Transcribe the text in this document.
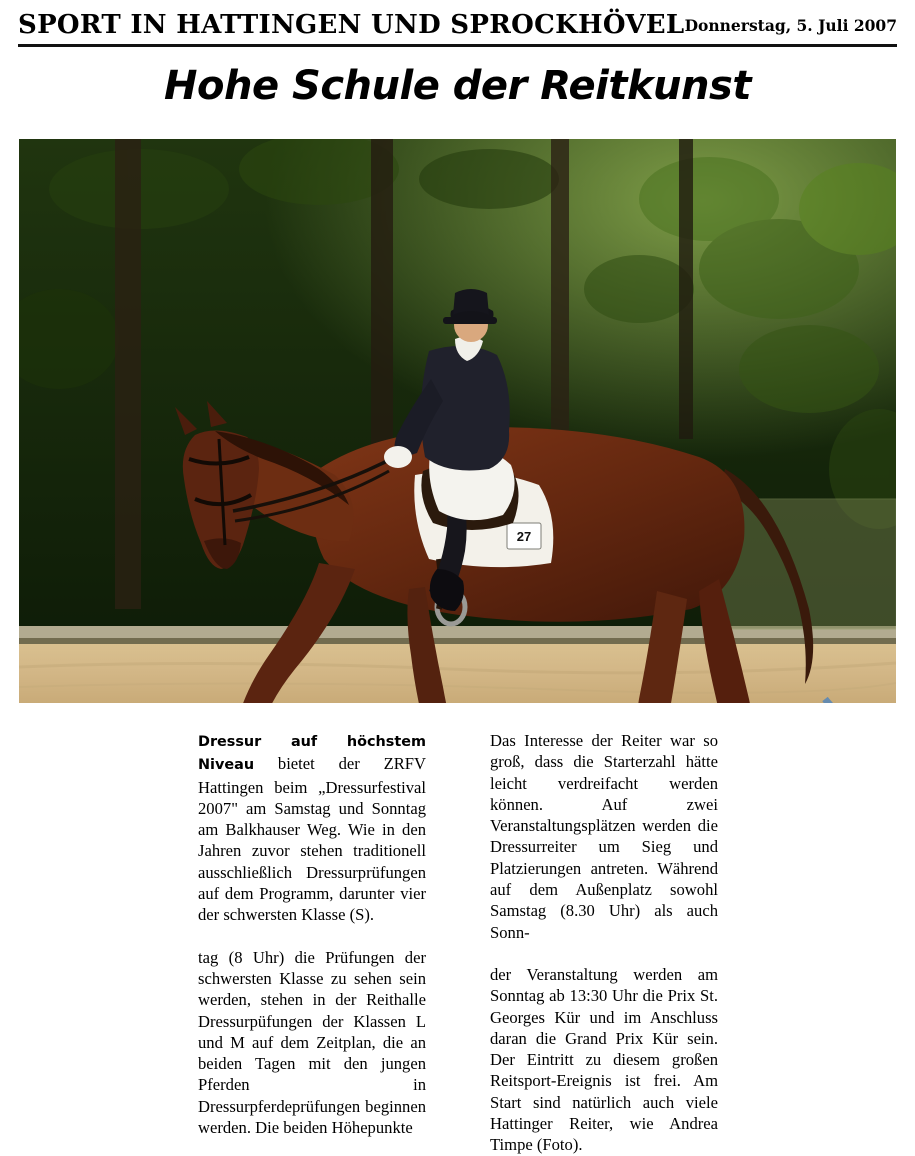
SPORT IN HATTINGEN UND SPROCKHÖVEL Donnerstag, 5. Juli 2007
Hohe Schule der Reitkunst
27

Dressur auf höchstem Niveau bietet der ZRFV Hattingen beim „Dressurfestival 2007" am Samstag und Sonntag am Balkhauser Weg. Wie in den Jahren zuvor stehen traditionell ausschließlich Dressurprüfungen auf dem Programm, darunter vier der schwersten Klasse (S).

tag (8 Uhr) die Prüfungen der schwersten Klasse zu sehen sein werden, stehen in der Reithalle Dressurpüfungen der Klassen L und M auf dem Zeitplan, die an beiden Tagen mit den jungen Pferden in Dressurpferdeprüfungen beginnen werden. Die beiden Höhepunkte

Das Interesse der Reiter war so groß, dass die Starterzahl hätte leicht verdreifacht werden können. Auf zwei Veranstaltungsplätzen werden die Dressurreiter um Sieg und Platzierungen antreten. Während auf dem Außenplatz sowohl Samstag (8.30 Uhr) als auch Sonn-

der Veranstaltung werden am Sonntag ab 13:30 Uhr die Prix St. Georges Kür und im Anschluss daran die Grand Prix Kür sein. Der Eintritt zu diesem großen Reitsport-Ereignis ist frei. Am Start sind natürlich auch viele Hattinger Reiter, wie Andrea Timpe (Foto).
